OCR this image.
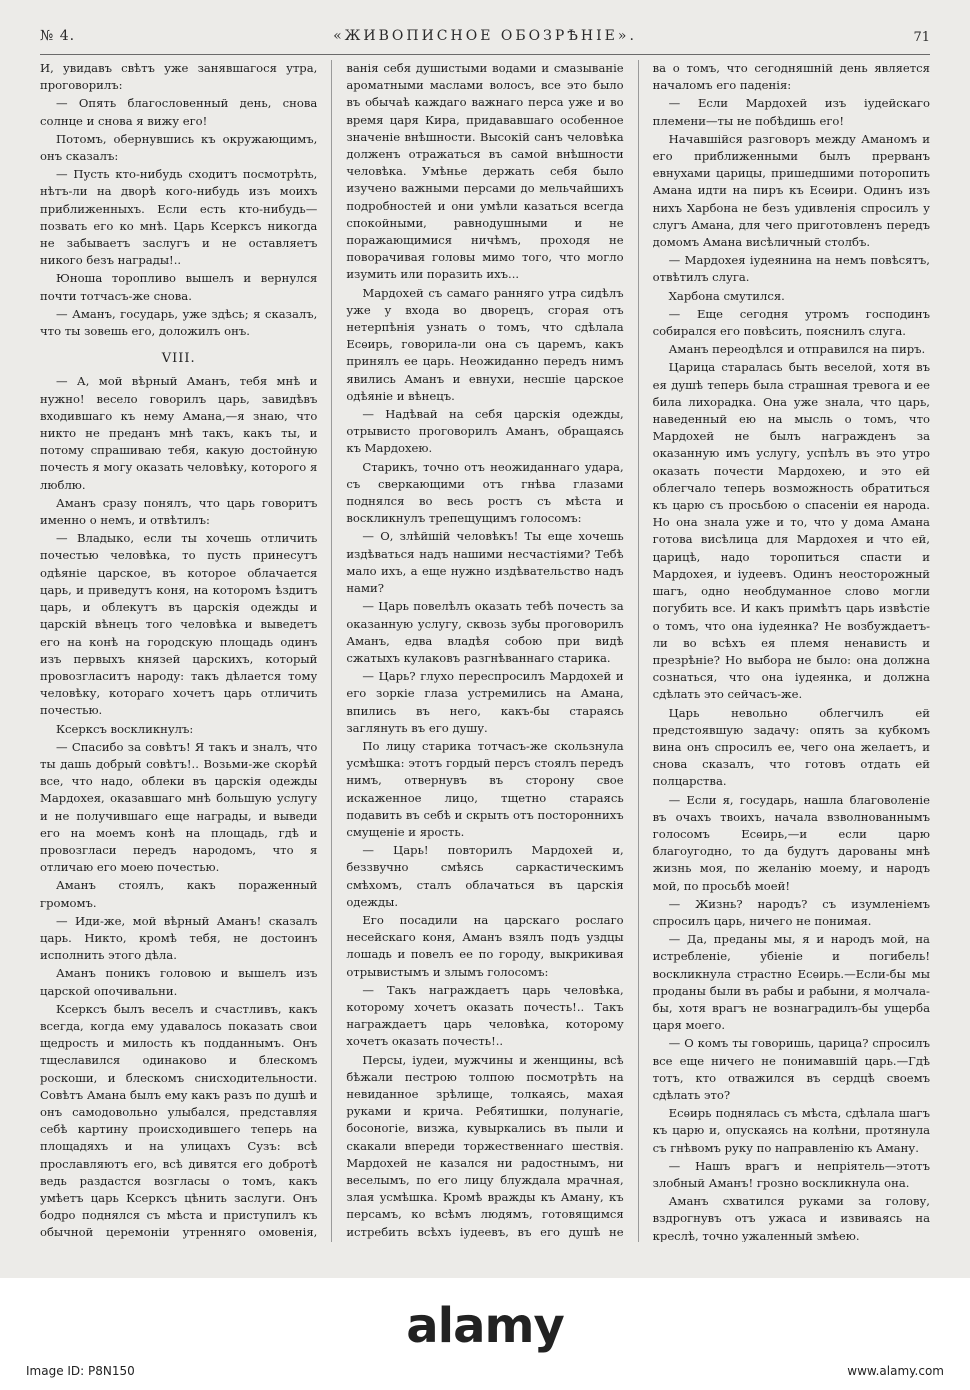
№ 4.	«ЖИВОПИСНОЕ ОБОЗРѢНІЕ».	71

И, увидавъ свѣтъ уже занявшагося утра, проговорилъ:

— Опять благословенный день, снова солнце и снова я вижу его!

Потомъ, обернувшись къ окружающимъ, онъ сказалъ:

— Пусть кто-нибудь сходитъ посмотрѣть, нѣтъ-ли на дворѣ кого-нибудь изъ моихъ приближенныхъ. Если есть кто-нибудь—позвать его ко мнѣ. Царь Ксерксъ никогда не забываетъ заслугъ и не оставляетъ никого безъ награды!..

Юноша торопливо вышелъ и вернулся почти тотчасъ-же снова.

— Аманъ, государь, уже здѣсь; я сказалъ, что ты зовешь его, доложилъ онъ.

VIII.

— А, мой вѣрный Аманъ, тебя мнѣ и нужно! весело говорилъ царь, завидѣвъ входившаго къ нему Амана,—я знаю, что никто не преданъ мнѣ такъ, какъ ты, и потому спрашиваю тебя, какую достойную почесть я могу оказать человѣку, которого я люблю.

Аманъ сразу понялъ, что царь говоритъ именно о немъ, и отвѣтилъ:

— Владыко, если ты хочешь отличить почестью человѣка, то пусть принесутъ одѣяніе царское, въ которое облачается царь, и приведутъ коня, на которомъ ѣздитъ царь, и облекутъ въ царскія одежды и царскій вѣнецъ того человѣка и выведетъ его на конѣ на городскую площадь одинъ изъ первыхъ князей царскихъ, который провозгласитъ народу: такъ дѣлается тому человѣку, котораго хочетъ царь отличить почестью.

Ксерксъ воскликнулъ:

— Спасибо за совѣтъ! Я такъ и зналъ, что ты дашь добрый совѣтъ!.. Возьми-же скорѣй все, что надо, облеки въ царскія одежды Мардохея, оказавшаго мнѣ большую услугу и не получившаго еще награды, и выведи его на моемъ конѣ на площадь, гдѣ и провозгласи передъ народомъ, что я отличаю его моею почестью.

Аманъ стоялъ, какъ пораженный громомъ.

— Иди-же, мой вѣрный Аманъ! сказалъ царь. Никто, кромѣ тебя, не достоинъ исполнить этого дѣла.

Аманъ поникъ головою и вышелъ изъ царской опочивальни.

Ксерксъ былъ веселъ и счастливъ, какъ всегда, когда ему удавалось показать свои щедрость и милость къ подданнымъ. Онъ тщеславился одинаково и блескомъ роскоши, и блескомъ снисходительности. Совѣтъ Амана былъ ему какъ разъ по душѣ и онъ самодовольно улыбался, представляя себѣ картину происходившего теперь на площадяхъ и на улицахъ Сузъ: всѣ прославляютъ его, всѣ дивятся его добротѣ ведь раздастся возгласы о томъ, какъ умѣетъ царь Ксерксъ цѣнить заслуги. Онъ бодро поднялся съ мѣста и приступилъ къ обычной церемоніи утренняго омовенія,

ванія себя душистыми водами и смазываніе ароматными маслами волосъ, все это было въ обычаѣ каждаго важнаго перса уже и во время царя Кира, придававшаго особенное значеніе внѣшности. Высокій санъ человѣка долженъ отражаться въ самой внѣшности человѣка. Умѣнье держать себя было изучено важными персами до мельчайшихъ подробностей и они умѣли казаться всегда спокойными, равнодушными и не поражающимися ничѣмъ, проходя не поворачивая головы мимо того, что могло изумить или поразить ихъ...

Мардохей съ самаго ранняго утра сидѣлъ уже у входа во дворецъ, сгорая отъ нетерпѣнія узнать о томъ, что сдѣлала Есѳирь, говорила-ли она съ царемъ, какъ принялъ ее царь. Неожиданно передъ нимъ явились Аманъ и евнухи, несшіе царское одѣяніе и вѣнецъ.

— Надѣвай на себя царскія одежды, отрывисто проговорилъ Аманъ, обращаясь къ Мардохею.

Старикъ, точно отъ неожиданнаго удара, съ сверкающими отъ гнѣва глазами поднялся во весь ростъ съ мѣста и воскликнулъ трепещущимъ голосомъ:

— О, злѣйшій человѣкъ! Ты еще хочешь издѣваться надъ нашими несчастіями? Тебѣ мало ихъ, а еще нужно издѣвательство надъ нами?

— Царь повелѣлъ оказать тебѣ почесть за оказанную услугу, сквозь зубы проговорилъ Аманъ, едва владѣя собою при видѣ сжатыхъ кулаковъ разгнѣваннаго старика.

— Царь? глухо переспросилъ Мардохей и его зоркіе глаза устремились на Амана, впились въ него, какъ-бы стараясь заглянуть въ его душу.

По лицу старика тотчасъ-же скользнула усмѣшка: этотъ гордый персъ стоялъ передъ нимъ, отвернувъ въ сторону свое искаженное лицо, тщетно стараясь подавить въ себѣ и скрыть отъ постороннихъ смущеніе и ярость.

— Царь! повторилъ Мардохей и, беззвучно смѣясь саркастическимъ смѣхомъ, сталъ облачаться въ царскія одежды.

Его посадили на царскаго рослаго несейскаго коня, Аманъ взялъ подъ уздцы лошадь и повелъ ее по городу, выкрикивая отрывистымъ и злымъ голосомъ:

— Такъ награждаетъ царь человѣка, которому хочетъ оказать почесть!.. Такъ награждаетъ царь человѣка, которому хочетъ оказать почесть!..

Персы, іудеи, мужчины и женщины, всѣ бѣжали пестрою толпою посмотрѣть на невиданное зрѣлище, толкаясь, махая руками и крича. Ребятишки, полунагіе, босоногіе, визжа, кувыркались въ пыли и скакали впереди торжественнаго шествія. Мардохей не казался ни радостнымъ, ни веселымъ, по его лицу блуждала мрачная, злая усмѣшка. Кромѣ вражды къ Аману, къ персамъ, ко всѣмъ людямъ, готовящимся истребить всѣхъ іудеевъ, въ его душѣ не

ва о томъ, что сегодняшній день является началомъ его паденія:

— Если Мардохей изъ іудейскаго племени—ты не побѣдишь его!

Начавшійся разговоръ между Аманомъ и его приближенными былъ прерванъ евнухами царицы, пришедшими поторопить Амана идти на пиръ къ Есѳири. Одинъ изъ нихъ Харбона не безъ удивленія спросилъ у слугъ Амана, для чего приготовленъ передъ домомъ Амана висѣличный столбъ.

— Мардохея іудеянина на немъ повѣсятъ, отвѣтилъ слуга.

Харбона смутился.

— Еще сегодня утромъ господинъ собирался его повѣсить, пояснилъ слуга.

Аманъ переодѣлся и отправился на пиръ.

Царица старалась быть веселой, хотя въ ея душѣ теперь была страшная тревога и ее била лихорадка. Она уже знала, что царь, наведенный ею на мысль о томъ, что Мардохей не былъ награжденъ за оказанную имъ услугу, успѣлъ въ это утро оказать почести Мардохею, и это ей облегчало теперь возможность обратиться къ царю съ просьбою о спасеніи ея народа. Но она знала уже и то, что у дома Амана готова висѣлица для Мардохея и что ей, царицѣ, надо торопиться спасти и Мардохея, и іудеевъ. Одинъ неосторожный шагъ, одно необдуманное слово могли погубить все. И какъ примѣтъ царь извѣстіе о томъ, что она іудеянка? Не возбуждаетъ-ли во всѣхъ ея племя ненависть и презрѣніе? Но выбора не было: она должна сознаться, что она іудеянка, и должна сдѣлать это сейчасъ-же.

Царь невольно облегчилъ ей предстоявшую задачу: опять за кубкомъ вина онъ спросилъ ее, чего она желаетъ, и снова сказалъ, что готовъ отдать ей полцарства.

— Если я, государь, нашла благоволеніе въ очахъ твоихъ, начала взволнованнымъ голосомъ Есѳирь,—и если царю благоугодно, то да будутъ дарованы мнѣ жизнь моя, по желанію моему, и народъ мой, по просьбѣ моей!

— Жизнь? народъ? съ изумленіемъ спросилъ царь, ничего не понимая.

— Да, преданы мы, я и народъ мой, на истребленіе, убіеніе и погибель! воскликнула страстно Есѳирь.—Если-бы мы проданы были въ рабы и рабыни, я молчала-бы, хотя врагъ не вознаградилъ-бы ущерба царя моего.

— О комъ ты говоришь, царица? спросилъ все еще ничего не понимавшій царь.—Гдѣ тотъ, кто отважился въ сердцѣ своемъ сдѣлать это?

Есѳирь поднялась съ мѣста, сдѣлала шагъ къ царю и, опускаясь на колѣни, протянула съ гнѣвомъ руку по направленію къ Аману.

— Нашъ врагъ и непріятель—этотъ злобный Аманъ! грозно воскликнула она.

Аманъ схватился руками за голову, вздрогнувъ отъ ужаса и извиваясь на креслѣ, точно ужаленный змѣею.

alamy
Image ID: P8N150	www.alamy.com
